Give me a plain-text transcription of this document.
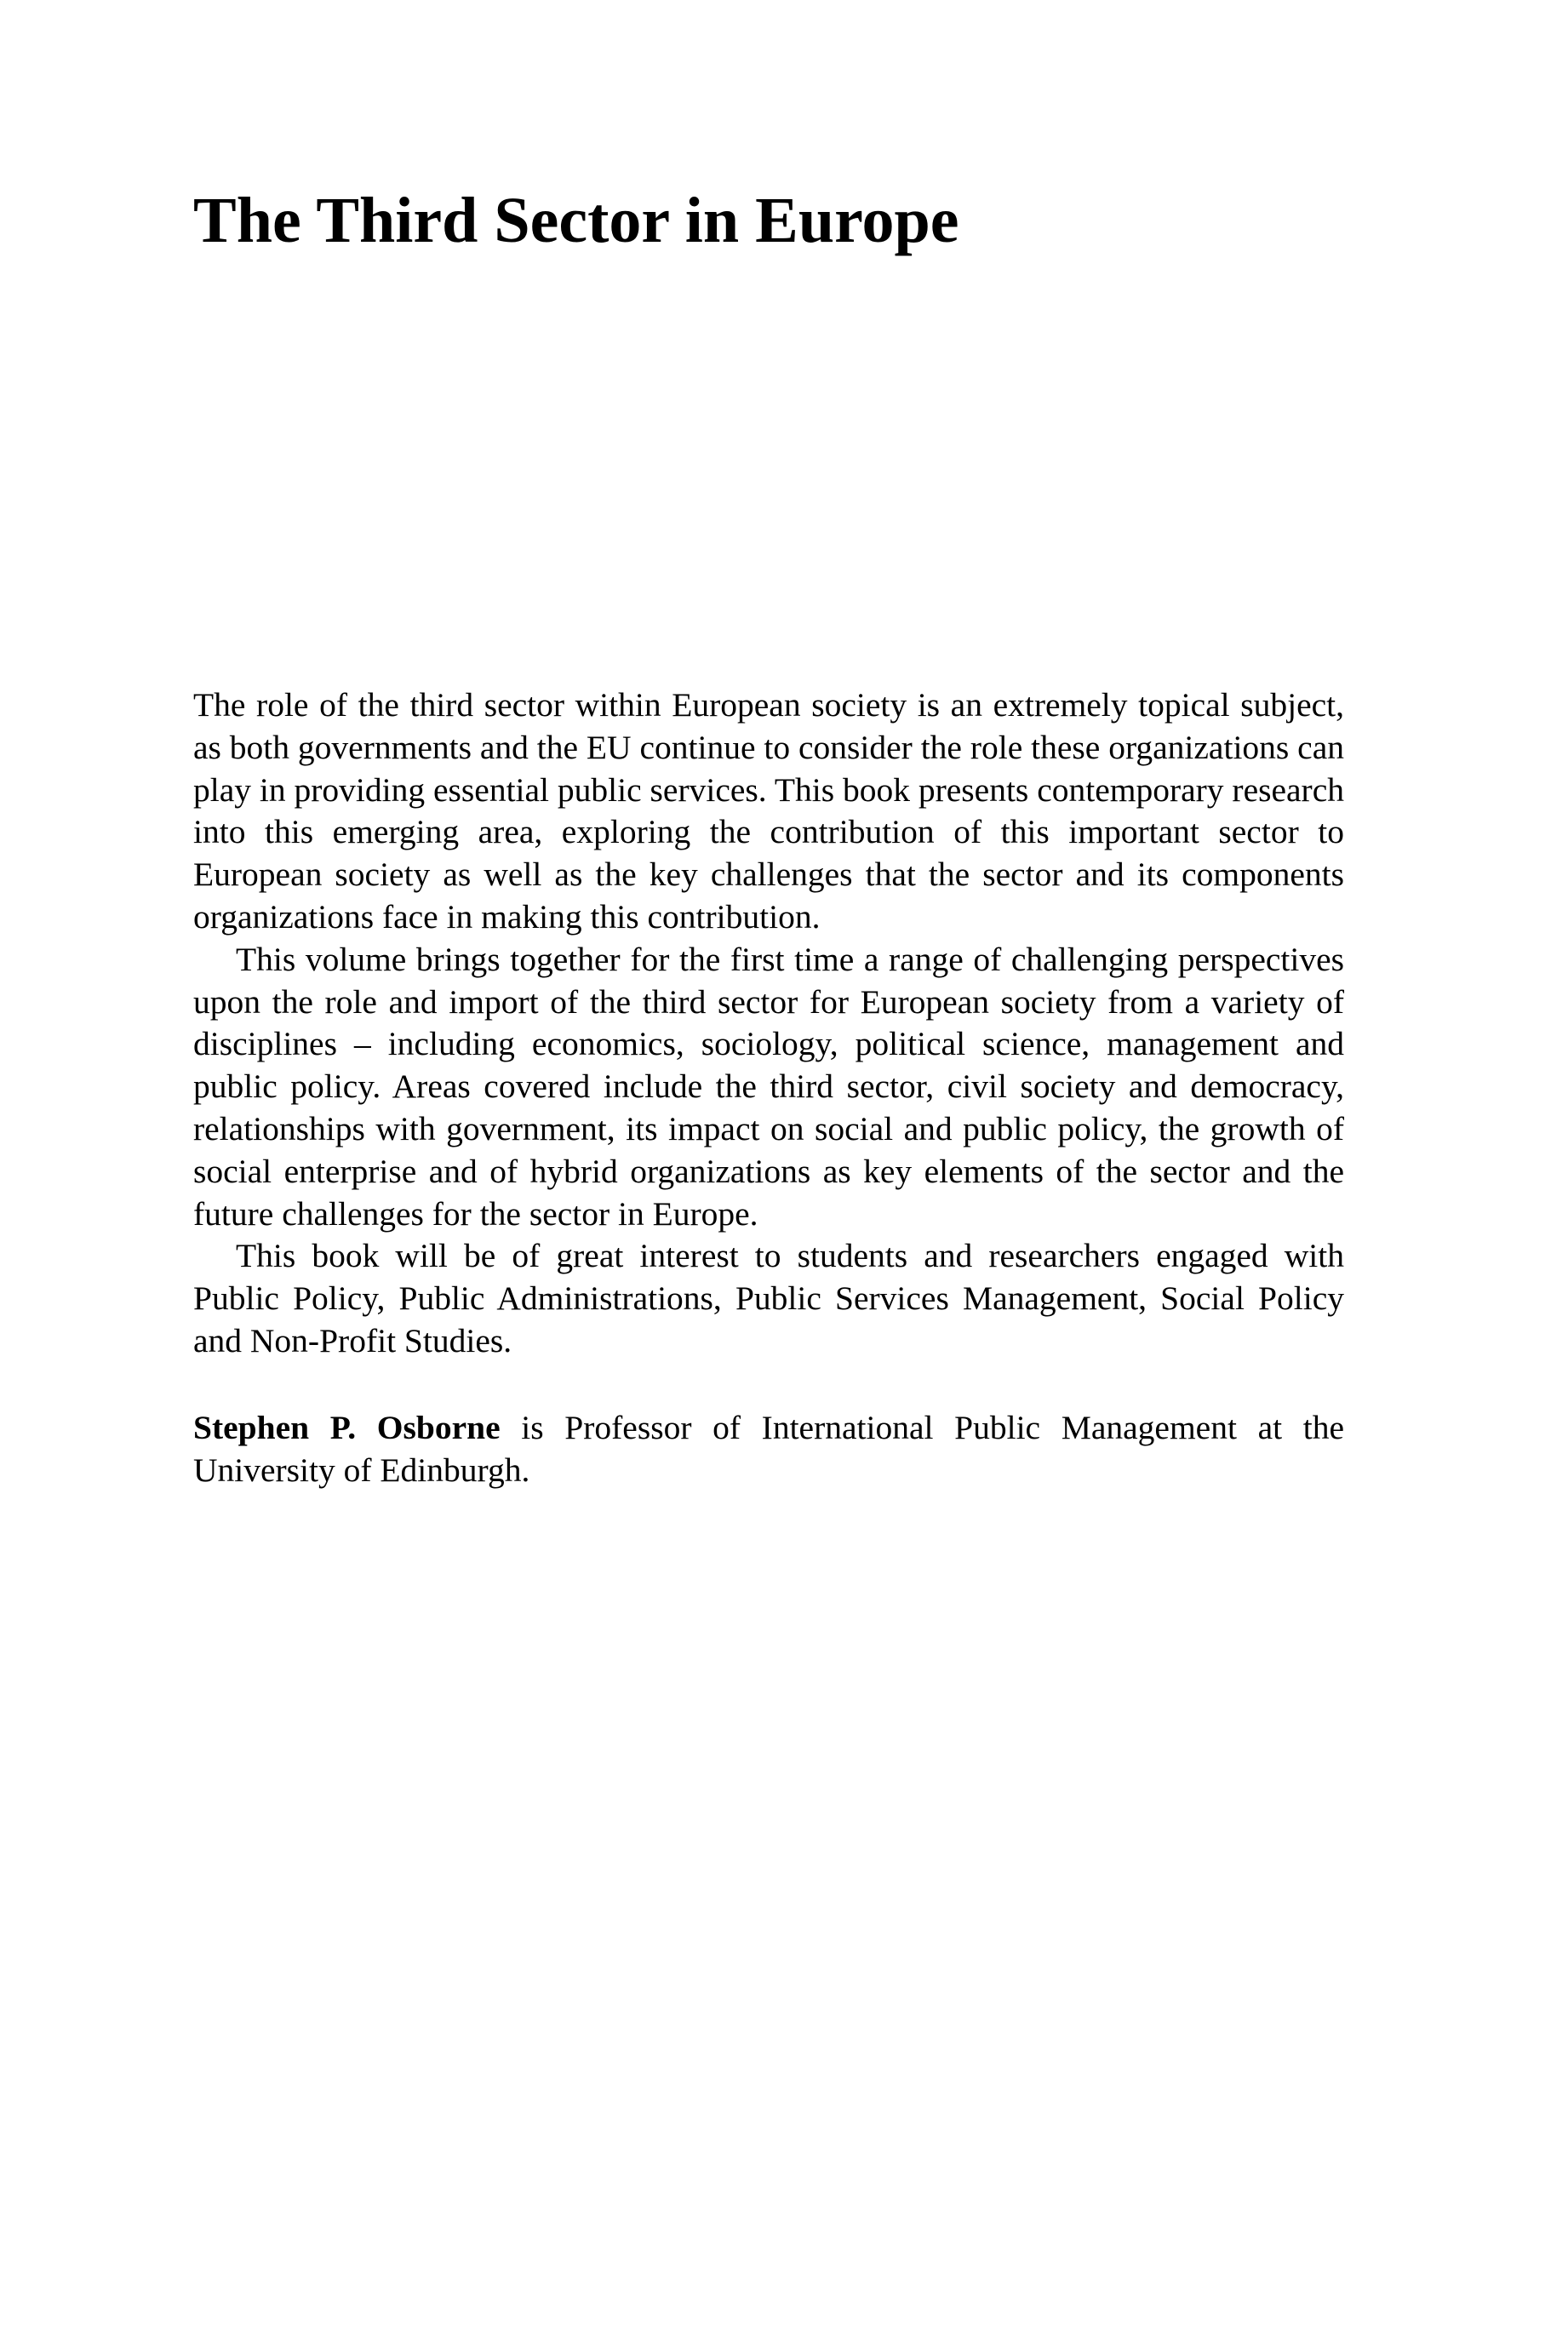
The Third Sector in Europe

The role of the third sector within European society is an extremely topical subject, as both governments and the EU continue to consider the role these organizations can play in providing essential public services. This book presents contemporary research into this emerging area, exploring the contribution of this important sector to European society as well as the key challenges that the sector and its components organizations face in making this contribution.

This volume brings together for the first time a range of challenging perspectives upon the role and import of the third sector for European society from a variety of disciplines – including economics, sociology, political science, management and public policy. Areas covered include the third sector, civil society and democracy, relationships with government, its impact on social and public policy, the growth of social enterprise and of hybrid organizations as key elements of the sector and the future challenges for the sector in Europe.

This book will be of great interest to students and researchers engaged with Public Policy, Public Administrations, Public Services Management, Social Policy and Non-Profit Studies.

Stephen P. Osborne is Professor of International Public Management at the University of Edinburgh.
